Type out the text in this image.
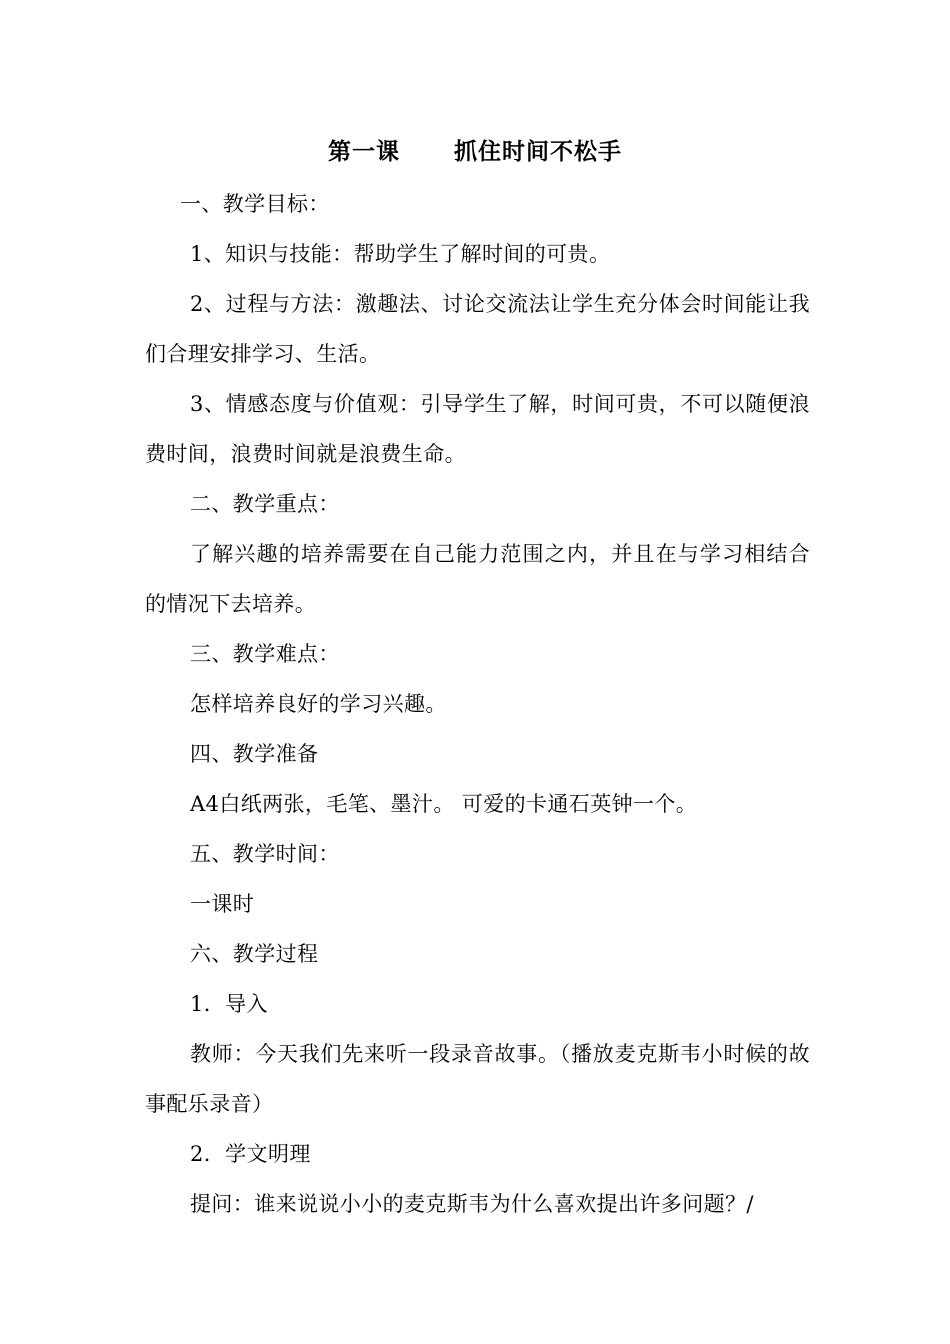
第一课      抓住时间不松手

一、教学目标：

1、知识与技能：帮助学生了解时间的可贵。

2、过程与方法：激趣法、讨论交流法让学生充分体会时间能让我们合理安排学习、生活。

3、情感态度与价值观：引导学生了解，时间可贵，不可以随便浪费时间，浪费时间就是浪费生命。

二、教学重点：

了解兴趣的培养需要在自己能力范围之内，并且在与学习相结合的情况下去培养。

三、教学难点：

怎样培养良好的学习兴趣。

四、教学准备

A4白纸两张，毛笔、墨汁。 可爱的卡通石英钟一个。

五、教学时间：

一课时

六、教学过程

1．导入

教师：今天我们先来听一段录音故事。（播放麦克斯韦小时候的故事配乐录音）

2．学文明理

提问：谁来说说小小的麦克斯韦为什么喜欢提出许多问题？/
